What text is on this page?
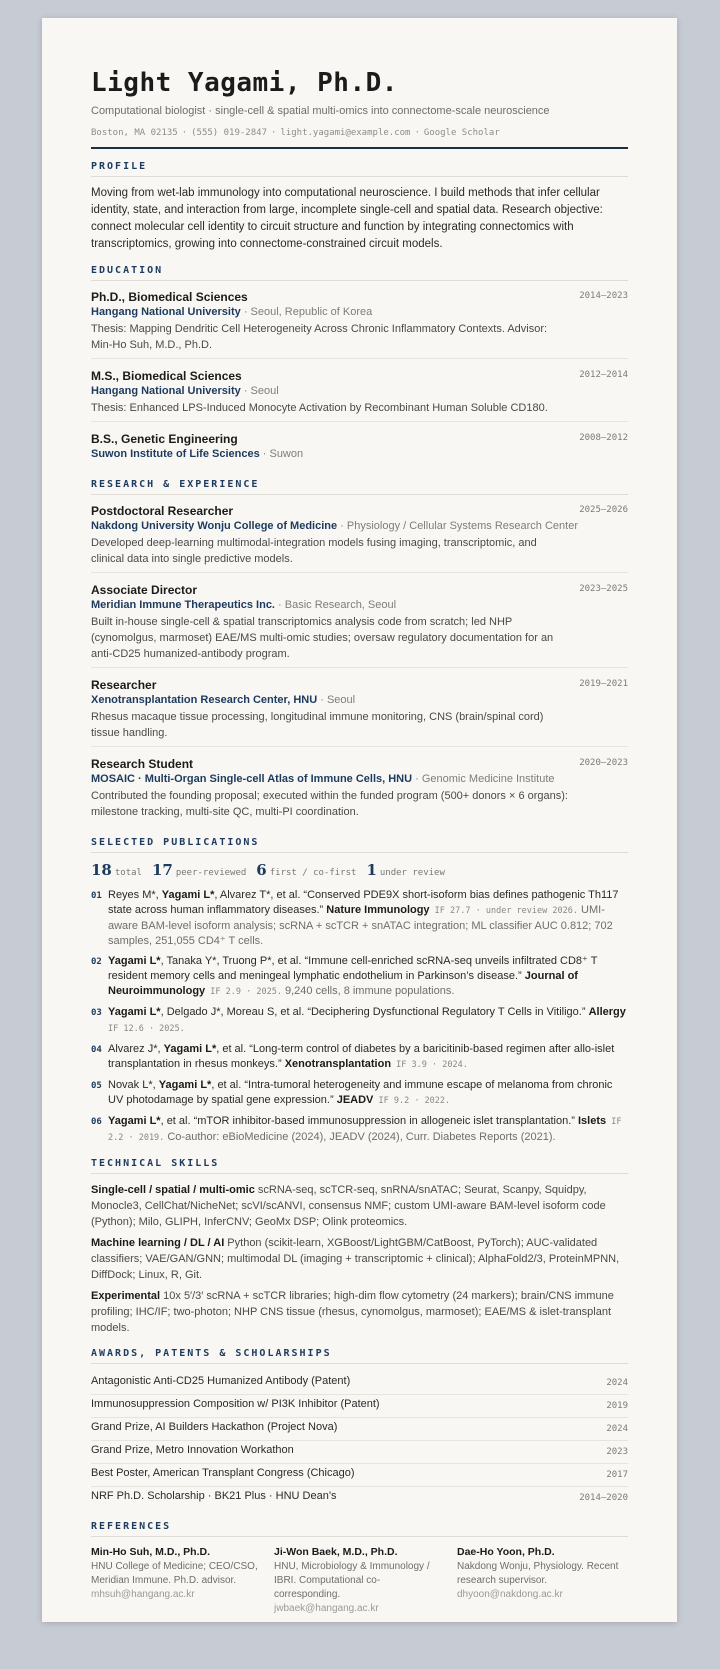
Light Yagami, Ph.D.
Computational biologist · single-cell & spatial multi-omics into connectome-scale neuroscience
Boston, MA 02135 · (555) 019-2847 · light.yagami@example.com · Google Scholar
PROFILE
Moving from wet-lab immunology into computational neuroscience. I build methods that infer cellular identity, state, and interaction from large, incomplete single-cell and spatial data. Research objective: connect molecular cell identity to circuit structure and function by integrating connectomics with transcriptomics, growing into connectome-constrained circuit models.
EDUCATION
Ph.D., Biomedical Sciences	2014–2023
Hangang National University · Seoul, Republic of Korea
Thesis: Mapping Dendritic Cell Heterogeneity Across Chronic Inflammatory Contexts. Advisor: Min-Ho Suh, M.D., Ph.D.
M.S., Biomedical Sciences	2012–2014
Hangang National University · Seoul
Thesis: Enhanced LPS-Induced Monocyte Activation by Recombinant Human Soluble CD180.
B.S., Genetic Engineering	2008–2012
Suwon Institute of Life Sciences · Suwon
RESEARCH & EXPERIENCE
Postdoctoral Researcher	2025–2026
Nakdong University Wonju College of Medicine · Physiology / Cellular Systems Research Center
Developed deep-learning multimodal-integration models fusing imaging, transcriptomic, and clinical data into single predictive models.
Associate Director	2023–2025
Meridian Immune Therapeutics Inc. · Basic Research, Seoul
Built in-house single-cell & spatial transcriptomics analysis code from scratch; led NHP (cynomolgus, marmoset) EAE/MS multi-omic studies; oversaw regulatory documentation for an anti-CD25 humanized-antibody program.
Researcher	2019–2021
Xenotransplantation Research Center, HNU · Seoul
Rhesus macaque tissue processing, longitudinal immune monitoring, CNS (brain/spinal cord) tissue handling.
Research Student	2020–2023
MOSAIC · Multi-Organ Single-cell Atlas of Immune Cells, HNU · Genomic Medicine Institute
Contributed the founding proposal; executed within the funded program (500+ donors × 6 organs): milestone tracking, multi-site QC, multi-PI coordination.
SELECTED PUBLICATIONS
18 total 17 peer-reviewed 6 first / co-first 1 under review
01 Reyes M*, Yagami L*, Alvarez T*, et al. “Conserved PDE9X short-isoform bias defines pathogenic Th117 state across human inflammatory diseases.” Nature Immunology IF 27.7 · under review 2026. UMI-aware BAM-level isoform analysis; scRNA + scTCR + snATAC integration; ML classifier AUC 0.812; 702 samples, 251,055 CD4⁺ T cells.
02 Yagami L*, Tanaka Y*, Truong P*, et al. “Immune cell-enriched scRNA-seq unveils infiltrated CD8⁺ T resident memory cells and meningeal lymphatic endothelium in Parkinson’s disease.” Journal of Neuroimmunology IF 2.9 · 2025. 9,240 cells, 8 immune populations.
03 Yagami L*, Delgado J*, Moreau S, et al. “Deciphering Dysfunctional Regulatory T Cells in Vitiligo.” Allergy IF 12.6 · 2025.
04 Alvarez J*, Yagami L*, et al. “Long-term control of diabetes by a baricitinib-based regimen after allo-islet transplantation in rhesus monkeys.” Xenotransplantation IF 3.9 · 2024.
05 Novak L*, Yagami L*, et al. “Intra-tumoral heterogeneity and immune escape of melanoma from chronic UV photodamage by spatial gene expression.” JEADV IF 9.2 · 2022.
06 Yagami L*, et al. “mTOR inhibitor-based immunosuppression in allogeneic islet transplantation.” Islets IF 2.2 · 2019. Co-author: eBioMedicine (2024), JEADV (2024), Curr. Diabetes Reports (2021).
TECHNICAL SKILLS
Single-cell / spatial / multi-omic scRNA-seq, scTCR-seq, snRNA/snATAC; Seurat, Scanpy, Squidpy, Monocle3, CellChat/NicheNet; scVI/scANVI, consensus NMF; custom UMI-aware BAM-level isoform code (Python); Milo, GLIPH, InferCNV; GeoMx DSP; Olink proteomics.
Machine learning / DL / AI Python (scikit-learn, XGBoost/LightGBM/CatBoost, PyTorch); AUC-validated classifiers; VAE/GAN/GNN; multimodal DL (imaging + transcriptomic + clinical); AlphaFold2/3, ProteinMPNN, DiffDock; Linux, R, Git.
Experimental 10x 5′/3′ scRNA + scTCR libraries; high-dim flow cytometry (24 markers); brain/CNS immune profiling; IHC/IF; two-photon; NHP CNS tissue (rhesus, cynomolgus, marmoset); EAE/MS & islet-transplant models.
AWARDS, PATENTS & SCHOLARSHIPS
Antagonistic Anti-CD25 Humanized Antibody (Patent)	2024
Immunosuppression Composition w/ PI3K Inhibitor (Patent)	2019
Grand Prize, AI Builders Hackathon (Project Nova)	2024
Grand Prize, Metro Innovation Workathon	2023
Best Poster, American Transplant Congress (Chicago)	2017
NRF Ph.D. Scholarship · BK21 Plus · HNU Dean’s	2014–2020
REFERENCES
Min-Ho Suh, M.D., Ph.D.
HNU College of Medicine; CEO/CSO, Meridian Immune. Ph.D. advisor.
mhsuh@hangang.ac.kr
Ji-Won Baek, M.D., Ph.D.
HNU, Microbiology & Immunology / IBRI. Computational co-corresponding.
jwbaek@hangang.ac.kr
Dae-Ho Yoon, Ph.D.
Nakdong Wonju, Physiology. Recent research supervisor.
dhyoon@nakdong.ac.kr
